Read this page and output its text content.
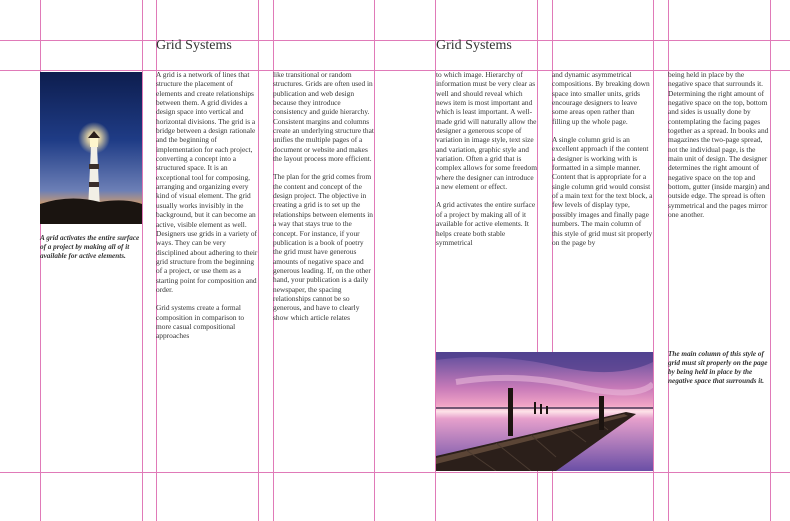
Grid Systems	Grid Systems
A grid activates the entire surface of a project by making all of it available for active elements.

A grid is a network of lines that structure the placement of elements and create relationships between them. A grid divides a design space into vertical and horizontal divisions. The grid is a bridge between a design rationale and the beginning of implementation for each project, converting a concept into a structured space. It is an exceptional tool for composing, arranging and organizing every kind of visual element. The grid usually works invisibly in the background, but it can become an active, visible element as well. Designers use grids in a variety of ways. They can be very disciplined about adhering to their grid structure from the beginning of a project, or use them as a starting point for composition and order.

Grid systems create a formal composition in comparison to more casual compositional approaches

like transitional or random structures. Grids are often used in publication and web design because they introduce consistency and guide hierarchy. Consistent margins and columns create an underlying structure that unifies the multiple pages of a document or website and makes the layout process more efficient.

The plan for the grid comes from the content and concept of the design project. The objective in creating a grid is to set up the relationships between elements in a way that stays true to the concept. For instance, if your publication is a book of poetry the grid must have generous amounts of negative space and generous leading. If, on the other hand, your publication is a daily newspaper, the spacing relationships cannot be so generous, and have to clearly show which article relates

to which image. Hierarchy of information must be very clear as well and should reveal which news item is most important and which is least important. A well-made grid will naturally allow the designer a generous scope of variation in image style, text size and variation, graphic style and variation. Often a grid that is complex allows for some freedom where the designer can introduce a new element or effect.

A grid activates the entire surface of a project by making all of it available for active elements. It helps create both stable symmetrical

and dynamic asymmetrical compositions. By breaking down space into smaller units, grids encourage designers to leave some areas open rather than filling up the whole page.

A single column grid is an excellent approach if the content a designer is working with is formatted in a simple manner. Content that is appropriate for a single column grid would consist of a main text for the text block, a few levels of display type, possibly images and finally page numbers. The main column of this style of grid must sit properly on the page by

being held in place by the negative space that surrounds it. Determining the right amount of negative space on the top, bottom and sides is usually done by contemplating the facing pages together as a spread. In books and magazines the two-page spread, not the individual page, is the main unit of design. The designer determines the right amount of negative space on the top and bottom, gutter (inside margin) and outside edge. The spread is often symmetrical and the pages mirror one another.

The main column of this style of grid must sit properly on the page by being held in place by the negative space that surrounds it.
